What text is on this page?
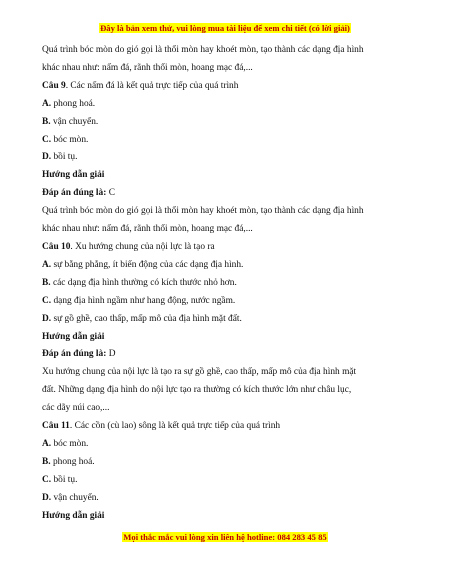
Đây là bản xem thử, vui lòng mua tài liệu để xem chi tiết (có lời giải)
Quá trình bóc mòn do gió gọi là thổi mòn hay khoét mòn, tạo thành các dạng địa hình
khác nhau như: nấm đá, rãnh thổi mòn, hoang mạc đá,...
Câu 9. Các nấm đá là kết quả trực tiếp của quá trình
A. phong hoá.
B. vận chuyển.
C. bóc mòn.
D. bồi tụ.
Hướng dẫn giải
Đáp án đúng là: C
Quá trình bóc mòn do gió gọi là thổi mòn hay khoét mòn, tạo thành các dạng địa hình
khác nhau như: nấm đá, rãnh thổi mòn, hoang mạc đá,...
Câu 10. Xu hướng chung của nội lực là tạo ra
A. sự bằng phẳng, ít biến động của các dạng địa hình.
B. các dạng địa hình thường có kích thước nhỏ hơn.
C. dạng địa hình ngầm như hang động, nước ngầm.
D. sự gồ ghề, cao thấp, mấp mô của địa hình mặt đất.
Hướng dẫn giải
Đáp án đúng là: D
Xu hướng chung của nội lực là tạo ra sự gồ ghề, cao thấp, mấp mô của địa hình mặt
đất. Những dạng địa hình do nội lực tạo ra thường có kích thước lớn như châu lục,
các dãy núi cao,...
Câu 11. Các cồn (cù lao) sông là kết quả trực tiếp của quá trình
A. bóc mòn.
B. phong hoá.
C. bồi tụ.
D. vận chuyển.
Hướng dẫn giải
Mọi thắc mắc vui lòng xin liên hệ hotline: 084 283 45 85
